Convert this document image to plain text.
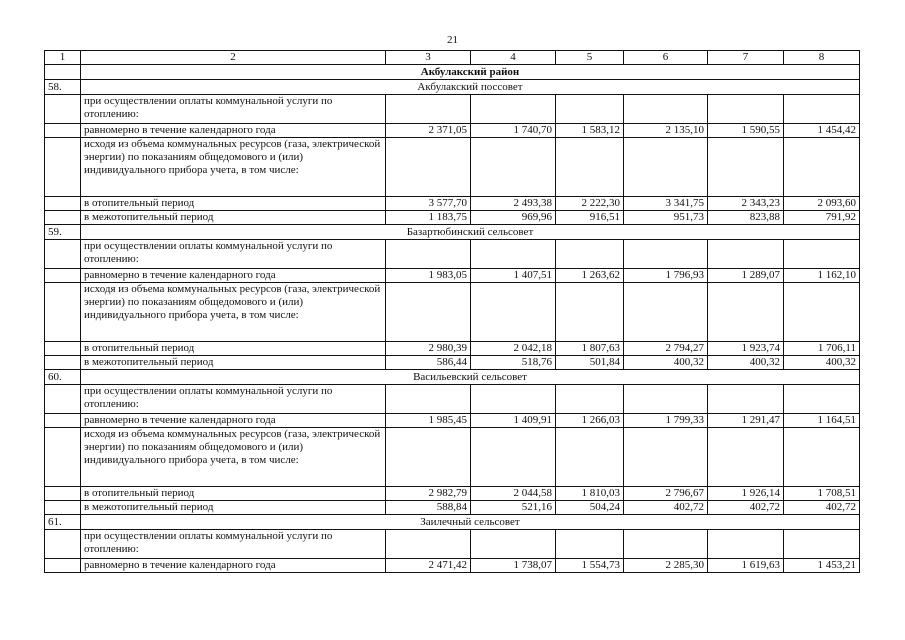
21
1	2	3	4	5	6	7	8
	Акбулакский район						
58.	Акбулакский поссовет						
	при осуществлении оплаты коммунальной услуги по отоплению:						
	равномерно в течение календарного года	2 371,05	1 740,70	1 583,12	2 135,10	1 590,55	1 454,42
	исходя из объема коммунальных ресурсов (газа, электрической энергии) по показаниям общедомового и (или) индивидуального прибора учета, в том числе:						
	в отопительный период	3 577,70	2 493,38	2 222,30	3 341,75	2 343,23	2 093,60
	в межотопительный период	1 183,75	969,96	916,51	951,73	823,88	791,92
59.	Базартюбинский сельсовет						
	при осуществлении оплаты коммунальной услуги по отоплению:						
	равномерно в течение календарного года	1 983,05	1 407,51	1 263,62	1 796,93	1 289,07	1 162,10
	исходя из объема коммунальных ресурсов (газа, электрической энергии) по показаниям общедомового и (или) индивидуального прибора учета, в том числе:						
	в отопительный период	2 980,39	2 042,18	1 807,63	2 794,27	1 923,74	1 706,11
	в межотопительный период	586,44	518,76	501,84	400,32	400,32	400,32
60.	Васильевский сельсовет						
	при осуществлении оплаты коммунальной услуги по отоплению:						
	равномерно в течение календарного года	1 985,45	1 409,91	1 266,03	1 799,33	1 291,47	1 164,51
	исходя из объема коммунальных ресурсов (газа, электрической энергии) по показаниям общедомового и (или) индивидуального прибора учета, в том числе:						
	в отопительный период	2 982,79	2 044,58	1 810,03	2 796,67	1 926,14	1 708,51
	в межотопительный период	588,84	521,16	504,24	402,72	402,72	402,72
61.	Заилечный сельсовет						
	при осуществлении оплаты коммунальной услуги по отоплению:						
	равномерно в течение календарного года	2 471,42	1 738,07	1 554,73	2 285,30	1 619,63	1 453,21
